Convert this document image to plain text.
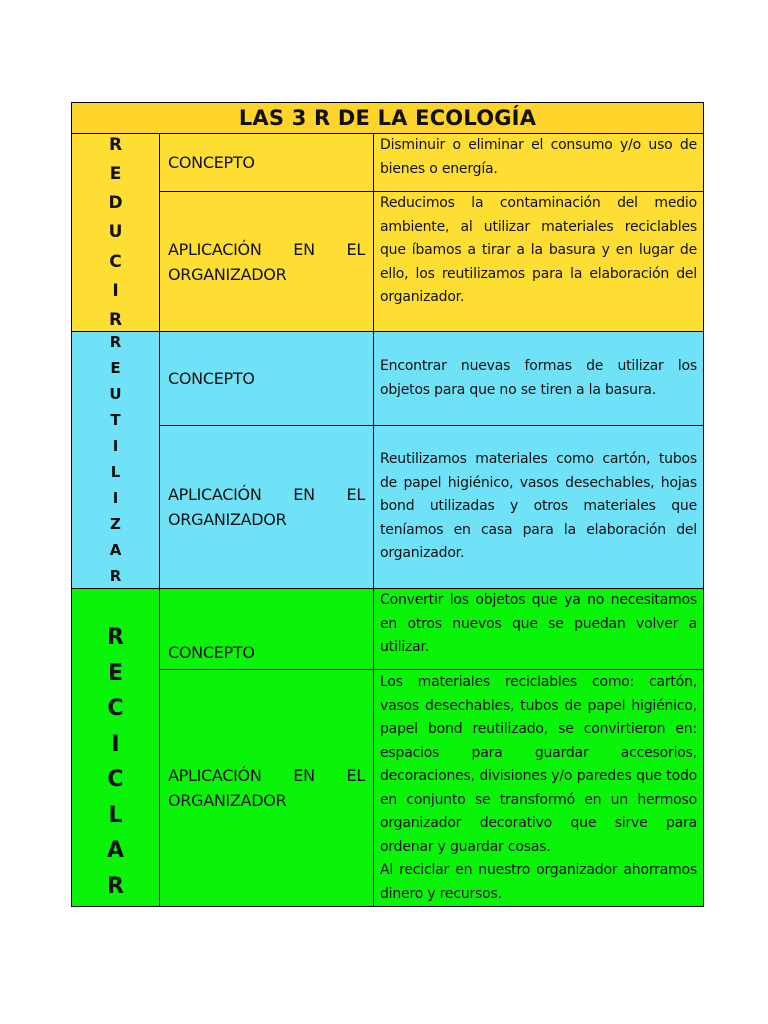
LAS 3 R DE LA ECOLOGÍA
R
E
D
U
C
I
R
CONCEPTO
Disminuir o eliminar el consumo y/o uso de bienes o energía.
APLICACIÓN EN EL
ORGANIZADOR
Reducimos la contaminación del medio ambiente, al utilizar materiales reciclables que íbamos a tirar a la basura y en lugar de ello, los reutilizamos para la elaboración del organizador.
R
E
U
T
I
L
I
Z
A
R
CONCEPTO
Encontrar nuevas formas de utilizar los objetos para que no se tiren a la basura.
APLICACIÓN EN EL
ORGANIZADOR
Reutilizamos materiales como cartón, tubos de papel higiénico, vasos desechables, hojas bond utilizadas y otros materiales que teníamos en casa para la elaboración del organizador.
R
E
C
I
C
L
A
R
CONCEPTO
Convertir los objetos que ya no necesitamos en otros nuevos que se puedan volver a utilizar.
APLICACIÓN EN EL
ORGANIZADOR
Los materiales reciclables como: cartón, vasos desechables, tubos de papel higiénico, papel bond reutilizado, se convirtieron en: espacios para guardar accesorios, decoraciones, divisiones y/o paredes que todo en conjunto se transformó en un hermoso organizador decorativo que sirve para ordenar y guardar cosas.
Al reciclar en nuestro organizador ahorramos dinero y recursos.
